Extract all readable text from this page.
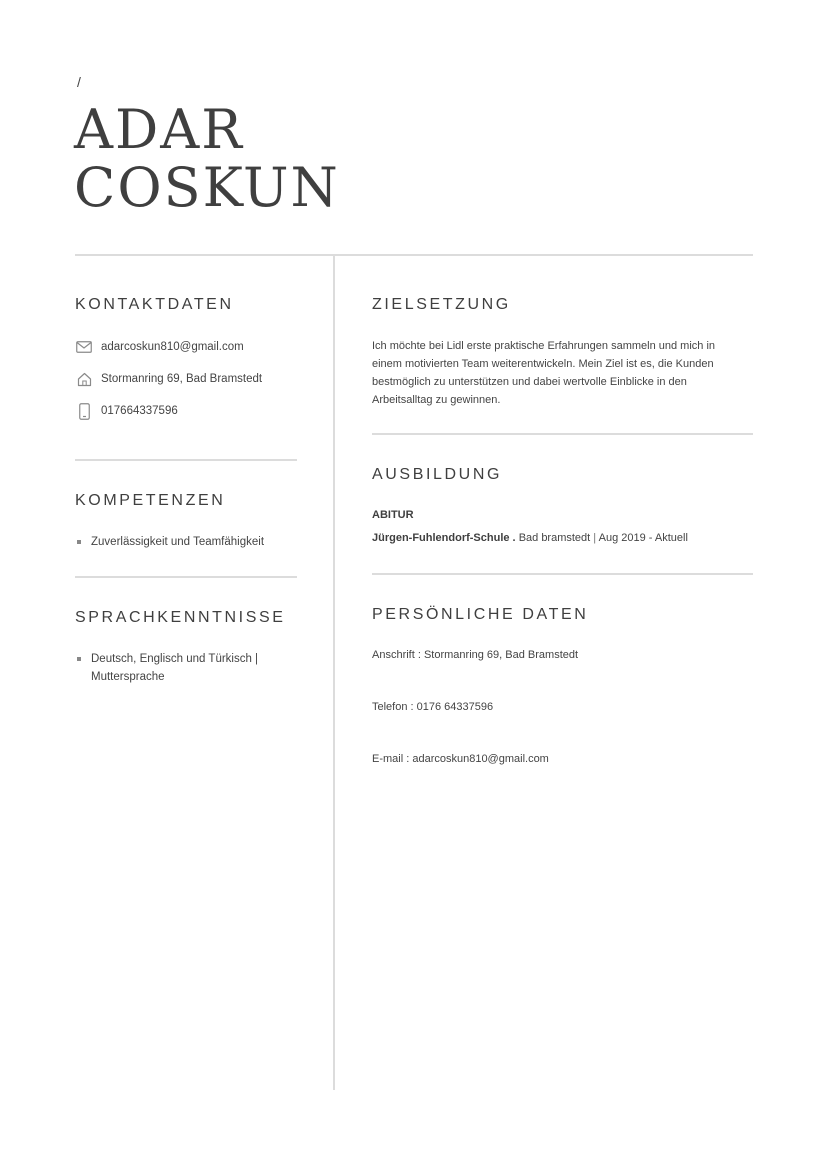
/
ADAR
COSKUN
KONTAKTDATEN
adarcoskun810@gmail.com
Stormanring 69, Bad Bramstedt
017664337596
KOMPETENZEN
Zuverlässigkeit und Teamfähigkeit
SPRACHKENNTNISSE
Deutsch, Englisch und Türkisch |
Muttersprache
ZIELSETZUNG

Ich möchte bei Lidl erste praktische Erfahrungen sammeln und mich in
einem motivierten Team weiterentwickeln. Mein Ziel ist es, die Kunden
bestmöglich zu unterstützen und dabei wertvolle Einblicke in den
Arbeitsalltag zu gewinnen.

AUSBILDUNG
ABITUR
Jürgen-Fuhlendorf-Schule . Bad bramstedt | Aug 2019 - Aktuell
PERSÖNLICHE DATEN
Anschrift : Stormanring 69, Bad Bramstedt
Telefon : 0176 64337596
E-mail : adarcoskun810@gmail.com
